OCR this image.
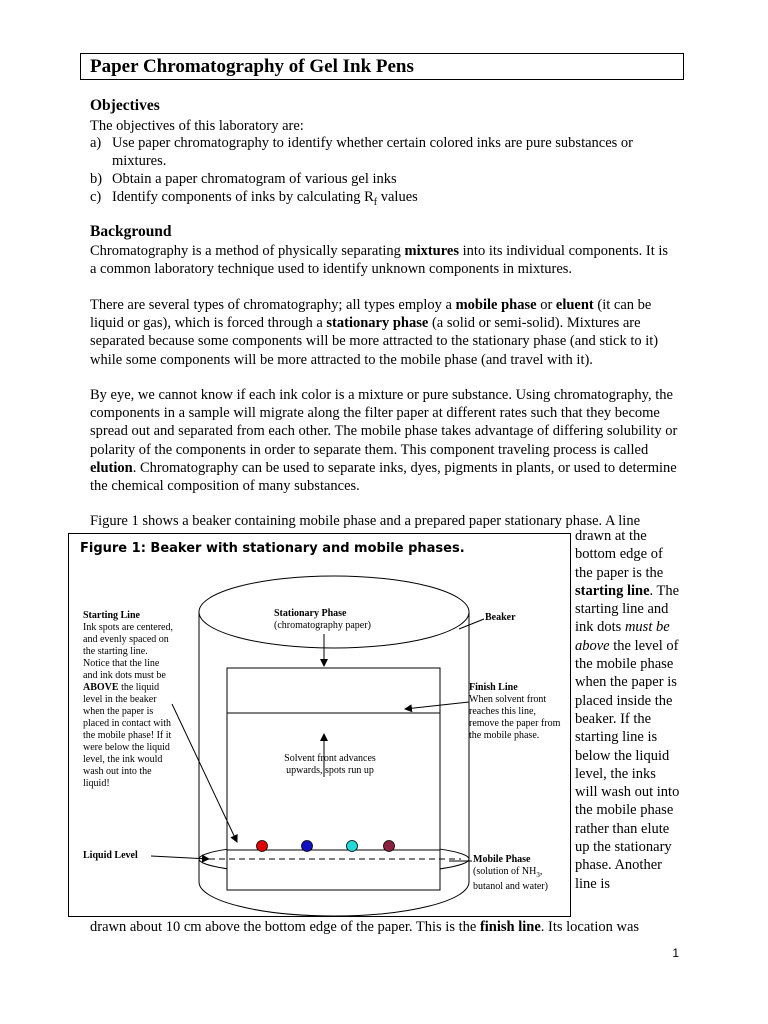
Paper Chromatography of Gel Ink Pens
Objectives
The objectives of this laboratory are:
a) Use paper chromatography to identify whether certain colored inks are pure substances or mixtures.
b) Obtain a paper chromatogram of various gel inks
c) Identify components of inks by calculating $R_f$ values
Background
Chromatography is a method of physically separating mixtures into its individual components. It is a common laboratory technique used to identify unknown components in mixtures.
There are several types of chromatography; all types employ a mobile phase or eluent (it can be liquid or gas), which is forced through a stationary phase (a solid or semi-solid). Mixtures are separated because some components will be more attracted to the stationary phase (and stick to it) while some components will be more attracted to the mobile phase (and travel with it).
By eye, we cannot know if each ink color is a mixture or pure substance. Using chromatography, the components in a sample will migrate along the filter paper at different rates such that they become spread out and separated from each other. The mobile phase takes advantage of differing solubility or polarity of the components in order to separate them. This component traveling process is called elution. Chromatography can be used to separate inks, dyes, pigments in plants, or used to determine the chemical composition of many substances.
Figure 1 shows a beaker containing mobile phase and a prepared paper stationary phase. A line
drawn at the bottom edge of the paper is the starting line. The starting line and ink dots must be above the level of the mobile phase when the paper is placed inside the beaker. If the starting line is below the liquid level, the inks will wash out into the mobile phase rather than elute up the stationary phase. Another line is
drawn about 10 cm above the bottom edge of the paper. This is the finish line. Its location was
Figure 1: Beaker with stationary and mobile phases.
Starting Line
Ink spots are centered, and evenly spaced on the starting line. Notice that the line and ink dots must be ABOVE the liquid level in the beaker when the paper is placed in contact with the mobile phase! If it were below the liquid level, the ink would wash out into the liquid!
Stationary Phase
(chromatography paper)
Beaker
Finish Line
When solvent front reaches this line, remove the paper from the mobile phase.
Solvent front advances upwards, spots run up
Liquid Level	Mobile Phase
(solution of $NH_3$, butanol and water)
1
